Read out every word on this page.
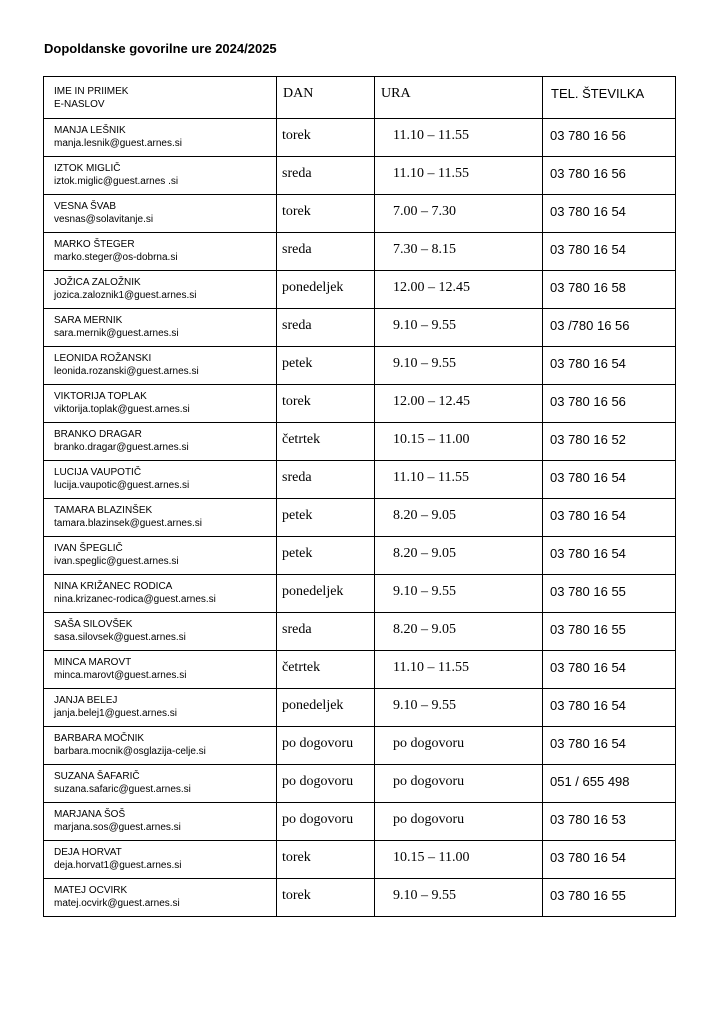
Dopoldanske govorilne ure 2024/2025
IME IN PRIIMEK
E-NASLOV	DAN	URA	TEL. ŠTEVILKA

MANJA LEŠNIK
manja.lesnik@guest.arnes.si	torek	11.10 – 11.55	03 780 16 56

IZTOK MIGLIČ
iztok.miglic@guest.arnes .si	sreda	11.10 – 11.55	03 780 16 56

VESNA ŠVAB
vesnas@solavitanje.si	torek	7.00 – 7.30	03 780 16 54

MARKO ŠTEGER
marko.steger@os-dobrna.si	sreda	7.30 – 8.15	03 780 16 54

JOŽICA ZALOŽNIK
jozica.zaloznik1@guest.arnes.si	ponedeljek	12.00 – 12.45	03 780 16 58

SARA MERNIK
sara.mernik@guest.arnes.si	sreda	9.10 – 9.55	03 /780 16 56

LEONIDA ROŽANSKI
leonida.rozanski@guest.arnes.si	petek	9.10 – 9.55	03 780 16 54

VIKTORIJA TOPLAK
viktorija.toplak@guest.arnes.si	torek	12.00 – 12.45	03 780 16 56

BRANKO DRAGAR
branko.dragar@guest.arnes.si	četrtek	10.15 – 11.00	03 780 16 52

LUCIJA VAUPOTIČ
lucija.vaupotic@guest.arnes.si	sreda	11.10 – 11.55	03 780 16 54

TAMARA BLAZINŠEK
tamara.blazinsek@guest.arnes.si	petek	8.20 – 9.05	03 780 16 54

IVAN ŠPEGLIČ
ivan.speglic@guest.arnes.si	petek	8.20 – 9.05	03 780 16 54

NINA KRIŽANEC RODICA
nina.krizanec-rodica@guest.arnes.si	ponedeljek	9.10 – 9.55	03 780 16 55

SAŠA SILOVŠEK
sasa.silovsek@guest.arnes.si	sreda	8.20 – 9.05	03 780 16 55

MINCA MAROVT
minca.marovt@guest.arnes.si	četrtek	11.10 – 11.55	03 780 16 54

JANJA BELEJ
janja.belej1@guest.arnes.si	ponedeljek	9.10 – 9.55	03 780 16 54

BARBARA MOČNIK
barbara.mocnik@osglazija-celje.si	po dogovoru	po dogovoru	03 780 16 54

SUZANA ŠAFARIČ
suzana.safaric@guest.arnes.si	po dogovoru	po dogovoru	051 / 655 498

MARJANA ŠOŠ
marjana.sos@guest.arnes.si	po dogovoru	po dogovoru	03 780 16 53

DEJA HORVAT
deja.horvat1@guest.arnes.si	torek	10.15 – 11.00	03 780 16 54

MATEJ OCVIRK
matej.ocvirk@guest.arnes.si	torek	9.10 – 9.55	03 780 16 55
